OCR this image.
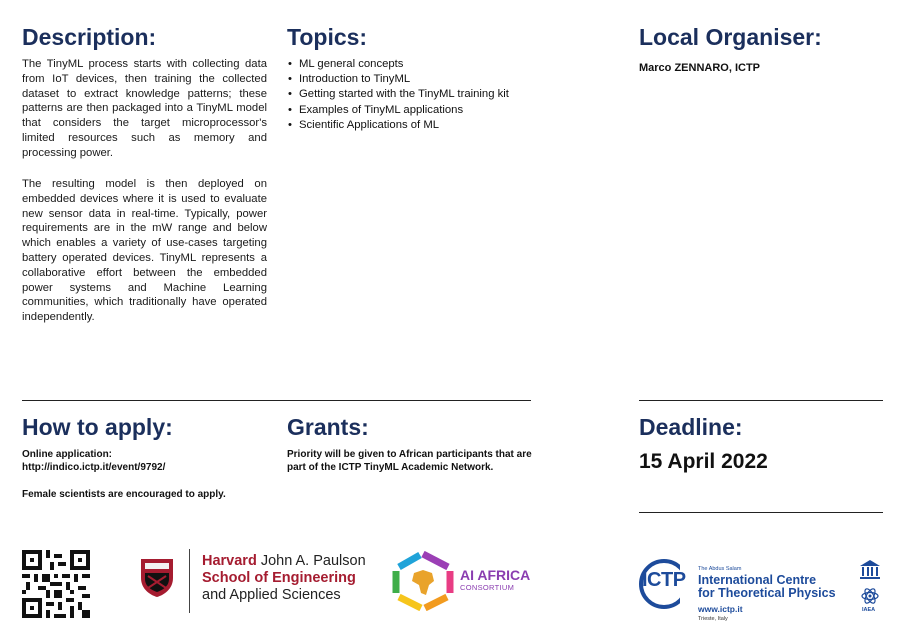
Description:

The TinyML process starts with collecting data from IoT devices, then training the collected dataset to extract knowledge patterns; these patterns are then packaged into a TinyML model that considers the target microprocessor's limited resources such as memory and processing power.

The resulting model is then deployed on embedded devices where it is used to evaluate new sensor data in real-time. Typically, power requirements are in the mW range and below which enables a variety of use-cases targeting battery operated devices. TinyML represents a collaborative effort between the embedded power systems and Machine Learning communities, which traditionally have operated independently.

Topics:
• ML general concepts
• Introduction to TinyML
• Getting started with the TinyML training kit
• Examples of TinyML applications
• Scientific Applications of ML
Local Organiser:

Marco ZENNARO, ICTP

How to apply:

Online application:

http://indico.ictp.it/event/9792/

Female scientists are encouraged to apply.

Grants:

Priority will be given to African participants that are part of the ICTP TinyML Academic Network.

Deadline:
15 April 2022
Harvard John A. Paulson
School of Engineering
and Applied Sciences
AI AFRICA
CONSORTIUM	ICTP The Abdus Salam
International Centre
for Theoretical Physics
www.ictp.it
Trieste, Italy
IAEA
